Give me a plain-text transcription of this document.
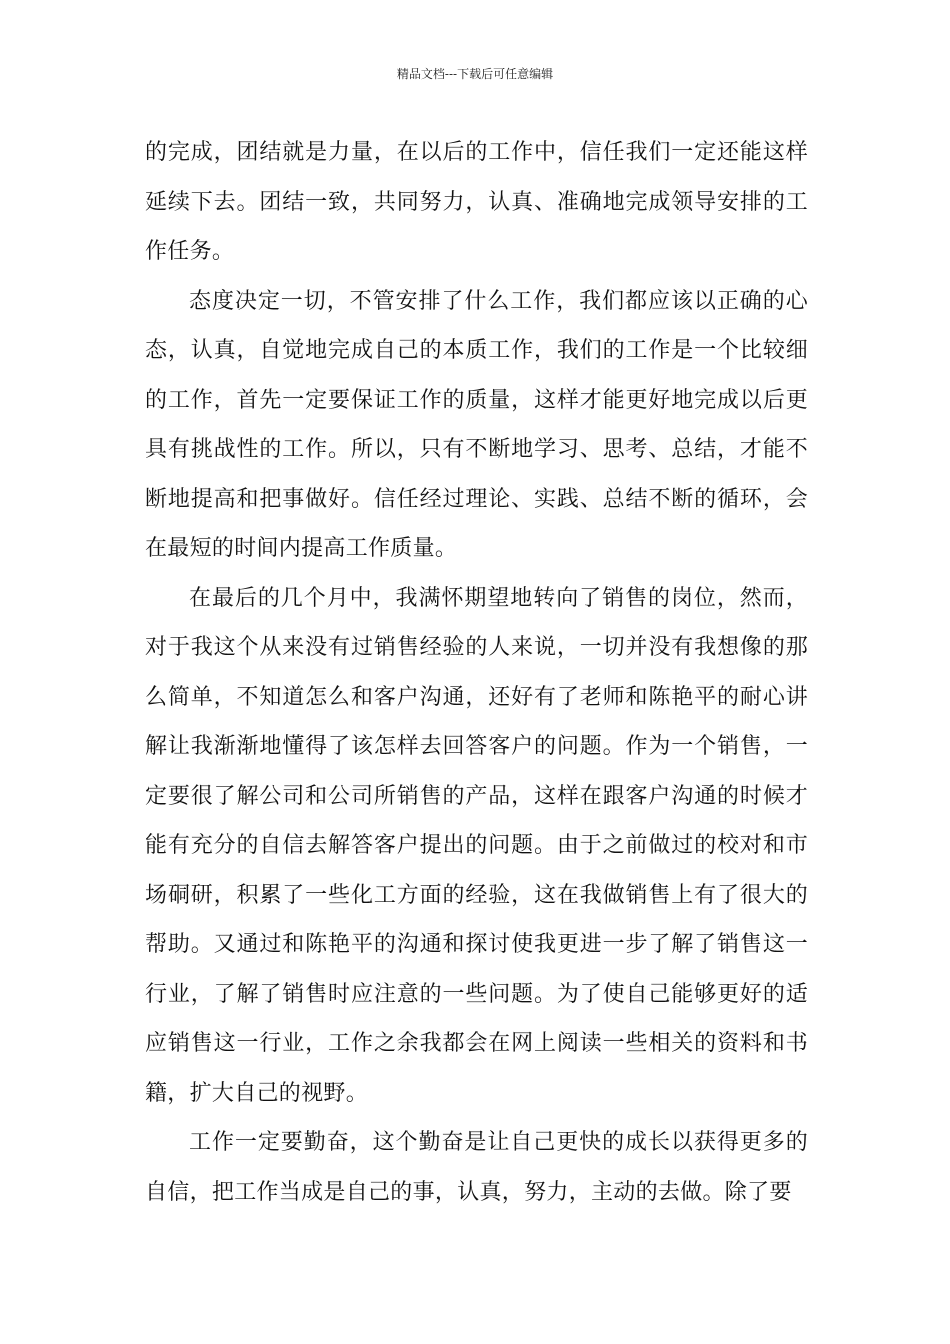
精品文档---下载后可任意编辑

的完成，团结就是力量，在以后的工作中，信任我们一定还能这样延续下去。团结一致，共同努力，认真、准确地完成领导安排的工作任务。

态度决定一切，不管安排了什么工作，我们都应该以正确的心态，认真，自觉地完成自己的本质工作，我们的工作是一个比较细的工作，首先一定要保证工作的质量，这样才能更好地完成以后更具有挑战性的工作。所以，只有不断地学习、思考、总结，才能不断地提高和把事做好。信任经过理论、实践、总结不断的循环，会在最短的时间内提高工作质量。

在最后的几个月中，我满怀期望地转向了销售的岗位，然而，对于我这个从来没有过销售经验的人来说，一切并没有我想像的那么简单，不知道怎么和客户沟通，还好有了老师和陈艳平的耐心讲解让我渐渐地懂得了该怎样去回答客户的问题。作为一个销售，一定要很了解公司和公司所销售的产品，这样在跟客户沟通的时候才能有充分的自信去解答客户提出的问题。由于之前做过的校对和市场硐研，积累了一些化工方面的经验，这在我做销售上有了很大的帮助。又通过和陈艳平的沟通和探讨使我更进一步了解了销售这一行业，了解了销售时应注意的一些问题。为了使自己能够更好的适应销售这一行业，工作之余我都会在网上阅读一些相关的资料和书籍，扩大自己的视野。

工作一定要勤奋，这个勤奋是让自己更快的成长以获得更多的自信，把工作当成是自己的事，认真，努力，主动的去做。除了要
